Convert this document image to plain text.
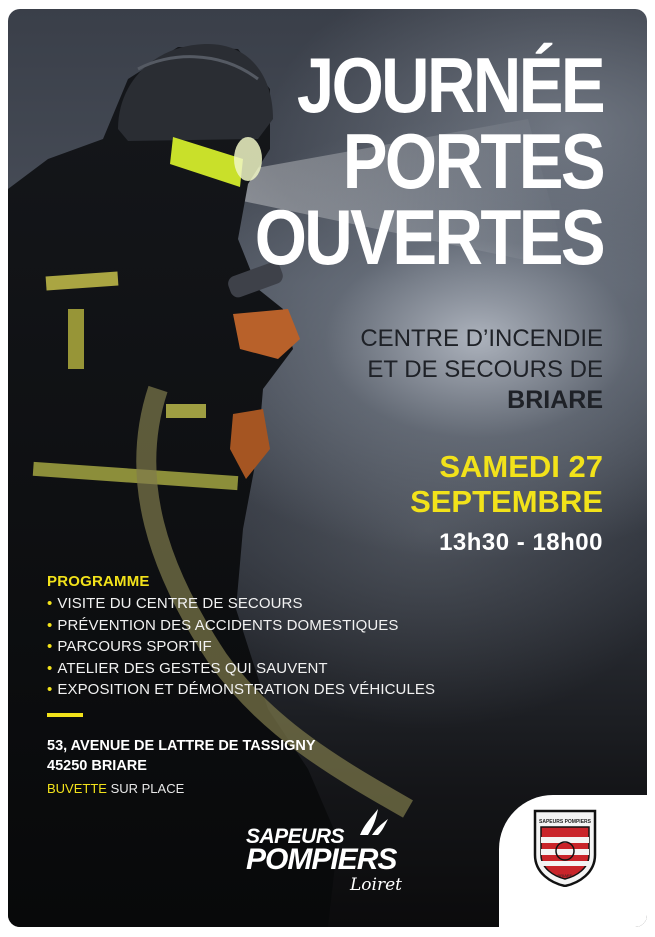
JOURNÉE
PORTES
OUVERTES
CENTRE D’INCENDIE
ET DE SECOURS DE
BRIARE
SAMEDI 27
SEPTEMBRE
13h30 - 18h00
PROGRAMME
• VISITE DU CENTRE DE SECOURS
• PRÉVENTION DES ACCIDENTS DOMESTIQUES
• PARCOURS SPORTIF
• ATELIER DES GESTES QUI SAUVENT
• EXPOSITION ET DÉMONSTRATION DES VÉHICULES
53, AVENUE DE LATTRE DE TASSIGNY
45250 BRIARE
BUVETTE SUR PLACE
SAPEURS
POMPIERS
Loiret
SAPEURS POMPIERS
BRIARE
